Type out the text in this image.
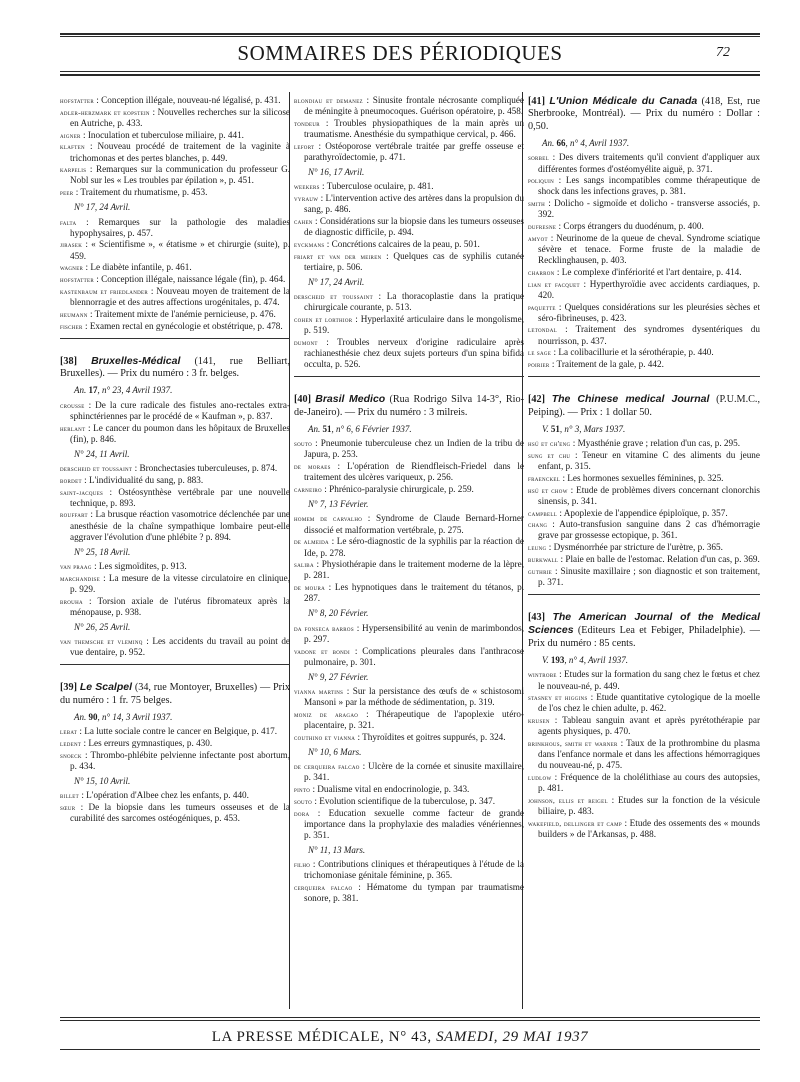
SOMMAIRES DES PÉRIODIQUES	72
hofstatter : Conception illégale, nouveau-né légalisé, p. 431.
adler-herzmark et kopstein : Nouvelles recherches sur la silicose en Autriche, p. 433.
aigner : Inoculation et tuberculose miliaire, p. 441.
klaften : Nouveau procédé de traitement de la vaginite à trichomonas et des pertes blanches, p. 449.
karpelis : Remarques sur la communication du professeur G. Nobl sur les « Les troubles par épilation », p. 451.
peer : Traitement du rhumatisme, p. 453.
N° 17, 24 Avril.
falta : Remarques sur la pathologie des maladies hypophysaires, p. 457.
jirasek : « Scientifisme », « étatisme » et chirurgie (suite), p. 459.
wagner : Le diabète infantile, p. 461.
hofstatter : Conception illégale, naissance légale (fin), p. 464.
kastenbaum et friedlander : Nouveau moyen de traitement de la blennorragie et des autres affections urogénitales, p. 474.
heumann : Traitement mixte de l'anémie pernicieuse, p. 476.
fischer : Examen rectal en gynécologie et obstétrique, p. 478.
[38] Bruxelles-Médical (141, rue Belliart, Bruxelles). — Prix du numéro : 3 fr. belges.
An. 17, n° 23, 4 Avril 1937.
crousse : De la cure radicale des fistules ano-rectales extra-sphinctériennes par le procédé de « Kaufman », p. 837.
herlant : Le cancer du poumon dans les hôpitaux de Bruxelles (fin), p. 846.
N° 24, 11 Avril.
derscheid et toussaint : Bronchectasies tuberculeuses, p. 874.
bordet : L'individualité du sang, p. 883.
saint-jacques : Ostéosynthèse vertébrale par une nouvelle technique, p. 893.
rouffart : La brusque réaction vasomotrice déclenchée par une anesthésie de la chaîne sympathique lombaire peut-elle aggraver l'évolution d'une phlébite ? p. 894.
N° 25, 18 Avril.
van praag : Les sigmoïdites, p. 913.
marchandise : La mesure de la vitesse circulatoire en clinique, p. 929.
brouha : Torsion axiale de l'utérus fibromateux après la ménopause, p. 938.
N° 26, 25 Avril.
van themsche et vleminq : Les accidents du travail au point de vue dentaire, p. 952.
[39] Le Scalpel (34, rue Montoyer, Bruxelles) — Prix du numéro : 1 fr. 75 belges.
An. 90, n° 14, 3 Avril 1937.
lebat : La lutte sociale contre le cancer en Belgique, p. 417.
ledent : Les erreurs gymnastiques, p. 430.
snoeck : Thrombo-phlébite pelvienne infectante post abortum, p. 434.
N° 15, 10 Avril.
billet : L'opération d'Albee chez les enfants, p. 440.
sœur : De la biopsie dans les tumeurs osseuses et de la curabilité des sarcomes ostéogéniques, p. 453.
blondiau et demanez : Sinusite frontale nécrosante compliquée de méningite à pneumocoques. Guérison opératoire, p. 458.
tondeur : Troubles physiopathiques de la main après un traumatisme. Anesthésie du sympathique cervical, p. 466.
lefort : Ostéoporose vertébrale traitée par greffe osseuse et parathyroïdectomie, p. 471.
N° 16, 17 Avril.
weekers : Tuberculose oculaire, p. 481.
vyrauw : L'intervention active des artères dans la propulsion du sang, p. 486.
cahen : Considérations sur la biopsie dans les tumeurs osseuses de diagnostic difficile, p. 494.
eyckmans : Concrétions calcaires de la peau, p. 501.
friart et van der meiren : Quelques cas de syphilis cutanée tertiaire, p. 506.
N° 17, 24 Avril.
derscheid et toussaint : La thoracoplastie dans la pratique chirurgicale courante, p. 513.
cohen et lorthior : Hyperlaxité articulaire dans le mongolisme, p. 519.
dumont : Troubles nerveux d'origine radiculaire après rachianesthésie chez deux sujets porteurs d'un spina bifida occulta, p. 526.
[40] Brasil Medico (Rua Rodrigo Silva 14-3°, Rio-de-Janeiro). — Prix du numéro : 3 milreis.
An. 51, n° 6, 6 Février 1937.
souto : Pneumonie tuberculeuse chez un Indien de la tribu de Japura, p. 253.
de moraes : L'opération de Riendfleisch-Friedel dans le traitement des ulcères variqueux, p. 256.
carneiro : Phrénico-paralysie chirurgicale, p. 259.
N° 7, 13 Février.
homem de carvalho : Syndrome de Claude Bernard-Horner dissocié et malformation vertébrale, p. 275.
de almeida : Le séro-diagnostic de la syphilis par la réaction de Ide, p. 278.
saliba : Physiothérapie dans le traitement moderne de la lèpre, p. 281.
de moura : Les hypnotiques dans le traitement du tétanos, p. 287.
N° 8, 20 Février.
da fonseca barros : Hypersensibilité au venin de marimbondos, p. 297.
vadone et bondi : Complications pleurales dans l'anthracose pulmonaire, p. 301.
N° 9, 27 Février.
vianna martins : Sur la persistance des œufs de « schistosomi Mansoni » par la méthode de sédimentation, p. 319.
moniz de aragao : Thérapeutique de l'apoplexie utéro-placentaire, p. 321.
couthino et vianna : Thyroïdites et goitres suppurés, p. 324.
N° 10, 6 Mars.
de cerqueira falcao : Ulcère de la cornée et sinusite maxillaire, p. 341.
pinto : Dualisme vital en endocrinologie, p. 343.
souto : Evolution scientifique de la tuberculose, p. 347.
dora : Education sexuelle comme facteur de grande importance dans la prophylaxie des maladies vénériennes, p. 351.
N° 11, 13 Mars.
filho : Contributions cliniques et thérapeutiques à l'étude de la trichomoniase génitale féminine, p. 365.
cerqueira falcao : Hématome du tympan par traumatisme sonore, p. 381.
[41] L'Union Médicale du Canada (418, Est, rue Sherbrooke, Montréal). — Prix du numéro : Dollar : 0,50.
An. 66, n° 4, Avril 1937.
sorbel : Des divers traitements qu'il convient d'appliquer aux différentes formes d'ostéomyélite aiguë, p. 371.
poliquin : Les sangs incompatibles comme thérapeutique de shock dans les infections graves, p. 381.
smith : Dolicho - sigmoïde et dolicho - transverse associés, p. 392.
dufresne : Corps étrangers du duodénum, p. 400.
amyot : Neurinome de la queue de cheval. Syndrome sciatique sévère et tenace. Forme fruste de la maladie de Recklinghausen, p. 403.
charron : Le complexe d'infériorité et l'art dentaire, p. 414.
lian et facquet : Hyperthyroïdie avec accidents cardiaques, p. 420.
paquette : Quelques considérations sur les pleurésies sèches et séro-fibrineuses, p. 423.
letondal : Traitement des syndromes dysentériques du nourrisson, p. 437.
le sage : La colibacillurie et la sérothérapie, p. 440.
poirier : Traitement de la gale, p. 442.
[42] The Chinese medical Journal (P.U.M.C., Peiping). — Prix : 1 dollar 50.
V. 51, n° 3, Mars 1937.
hsü et ch'eng : Myasthénie grave ; relation d'un cas, p. 295.
sung et chu : Teneur en vitamine C des aliments du jeune enfant, p. 315.
fraenckel : Les hormones sexuelles féminines, p. 325.
hsü et chow : Etude de problèmes divers concernant clonorchis sinensis, p. 341.
campbell : Apoplexie de l'appendice épiploïque, p. 357.
chang : Auto-transfusion sanguine dans 2 cas d'hémorragie grave par grossesse ectopique, p. 361.
leung : Dysménorrhée par stricture de l'urètre, p. 365.
burkwall : Plaie en balle de l'estomac. Relation d'un cas, p. 369.
guthrie : Sinusite maxillaire ; son diagnostic et son traitement, p. 371.
[43] The American Journal of the Medical Sciences (Editeurs Lea et Febiger, Philadelphie). — Prix du numéro : 85 cents.
V. 193, n° 4, Avril 1937.
wintrobe : Etudes sur la formation du sang chez le fœtus et chez le nouveau-né, p. 449.
stasney et higgins : Etude quantitative cytologique de la moelle de l'os chez le chien adulte, p. 462.
krusen : Tableau sanguin avant et après pyrétothérapie par agents physiques, p. 470.
brinkhous, smith et warner : Taux de la prothrombine du plasma dans l'enfance normale et dans les affections hémorragiques du nouveau-né, p. 475.
ludlow : Fréquence de la cholélithiase au cours des autopsies, p. 481.
johnson, ellis et reigel : Etudes sur la fonction de la vésicule biliaire, p. 483.
wakefield, dellinger et camp : Etude des ossements des « mounds builders » de l'Arkansas, p. 488.
LA PRESSE MÉDICALE, N° 43, SAMEDI, 29 MAI 1937
